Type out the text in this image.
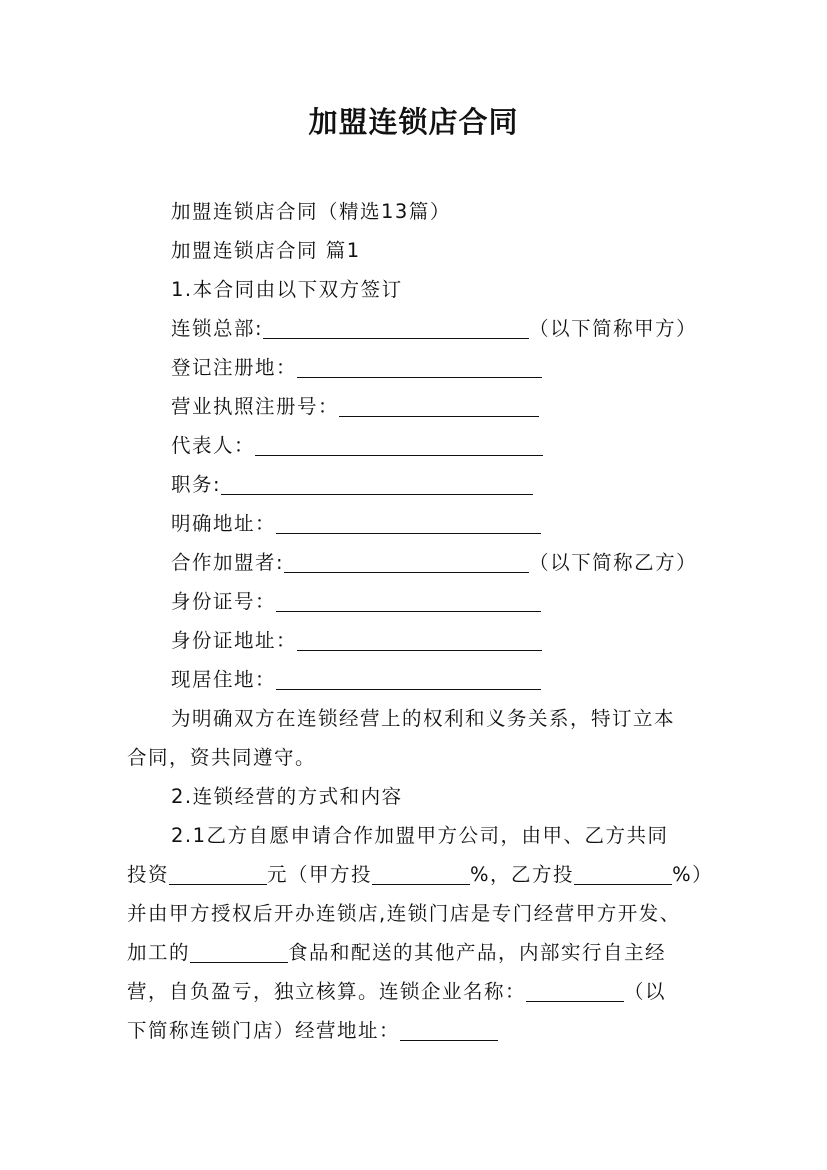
加盟连锁店合同
加盟连锁店合同（精选13篇）
加盟连锁店合同 篇1
1.本合同由以下双方签订
连锁总部:	（以下简称甲方）
登记注册地：
营业执照注册号：
代表人：
职务:
明确地址：
合作加盟者:	（以下简称乙方）
身份证号：
身份证地址：
现居住地：
为明确双方在连锁经营上的权利和义务关系，特订立本
合同，资共同遵守。
2.连锁经营的方式和内容
2.1乙方自愿申请合作加盟甲方公司，由甲、乙方共同
投资	元（甲方投	%，乙方投	%）
并由甲方授权后开办连锁店,连锁门店是专门经营甲方开发、
加工的	食品和配送的其他产品，内部实行自主经
营，自负盈亏，独立核算。连锁企业名称：	（以
下简称连锁门店）经营地址：
